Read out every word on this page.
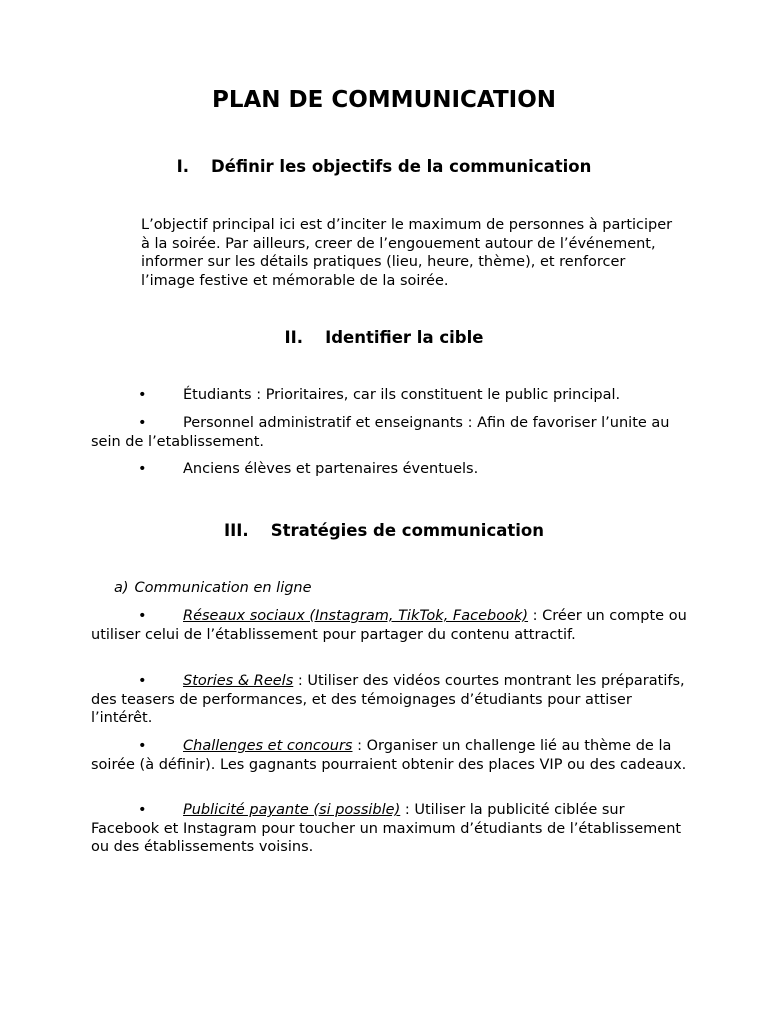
PLAN DE COMMUNICATION
I. Définir les objectifs de la communication
L’objectif principal ici est d’inciter le maximum de personnes à participer à la soirée. Par ailleurs, creer de l’engouement autour de l’événement, informer sur les détails pratiques (lieu, heure, thème), et renforcer l’image festive et mémorable de la soirée.
II. Identifier la cible
•	Étudiants : Prioritaires, car ils constituent le public principal.
•	Personnel administratif et enseignants : Afin de favoriser l’unite au sein de l’etablissement.
•	Anciens élèves et partenaires éventuels.
III. Stratégies de communication
a) Communication en ligne
•	Réseaux sociaux (Instagram, TikTok, Facebook) : Créer un compte ou utiliser celui de l’établissement pour partager du contenu attractif.
•	Stories & Reels : Utiliser des vidéos courtes montrant les préparatifs, des teasers de performances, et des témoignages d’étudiants pour attiser l’intérêt.
•	Challenges et concours : Organiser un challenge lié au thème de la soirée (à définir). Les gagnants pourraient obtenir des places VIP ou des cadeaux.
•	Publicité payante (si possible) : Utiliser la publicité ciblée sur Facebook et Instagram pour toucher un maximum d’étudiants de l’établissement ou des établissements voisins.
